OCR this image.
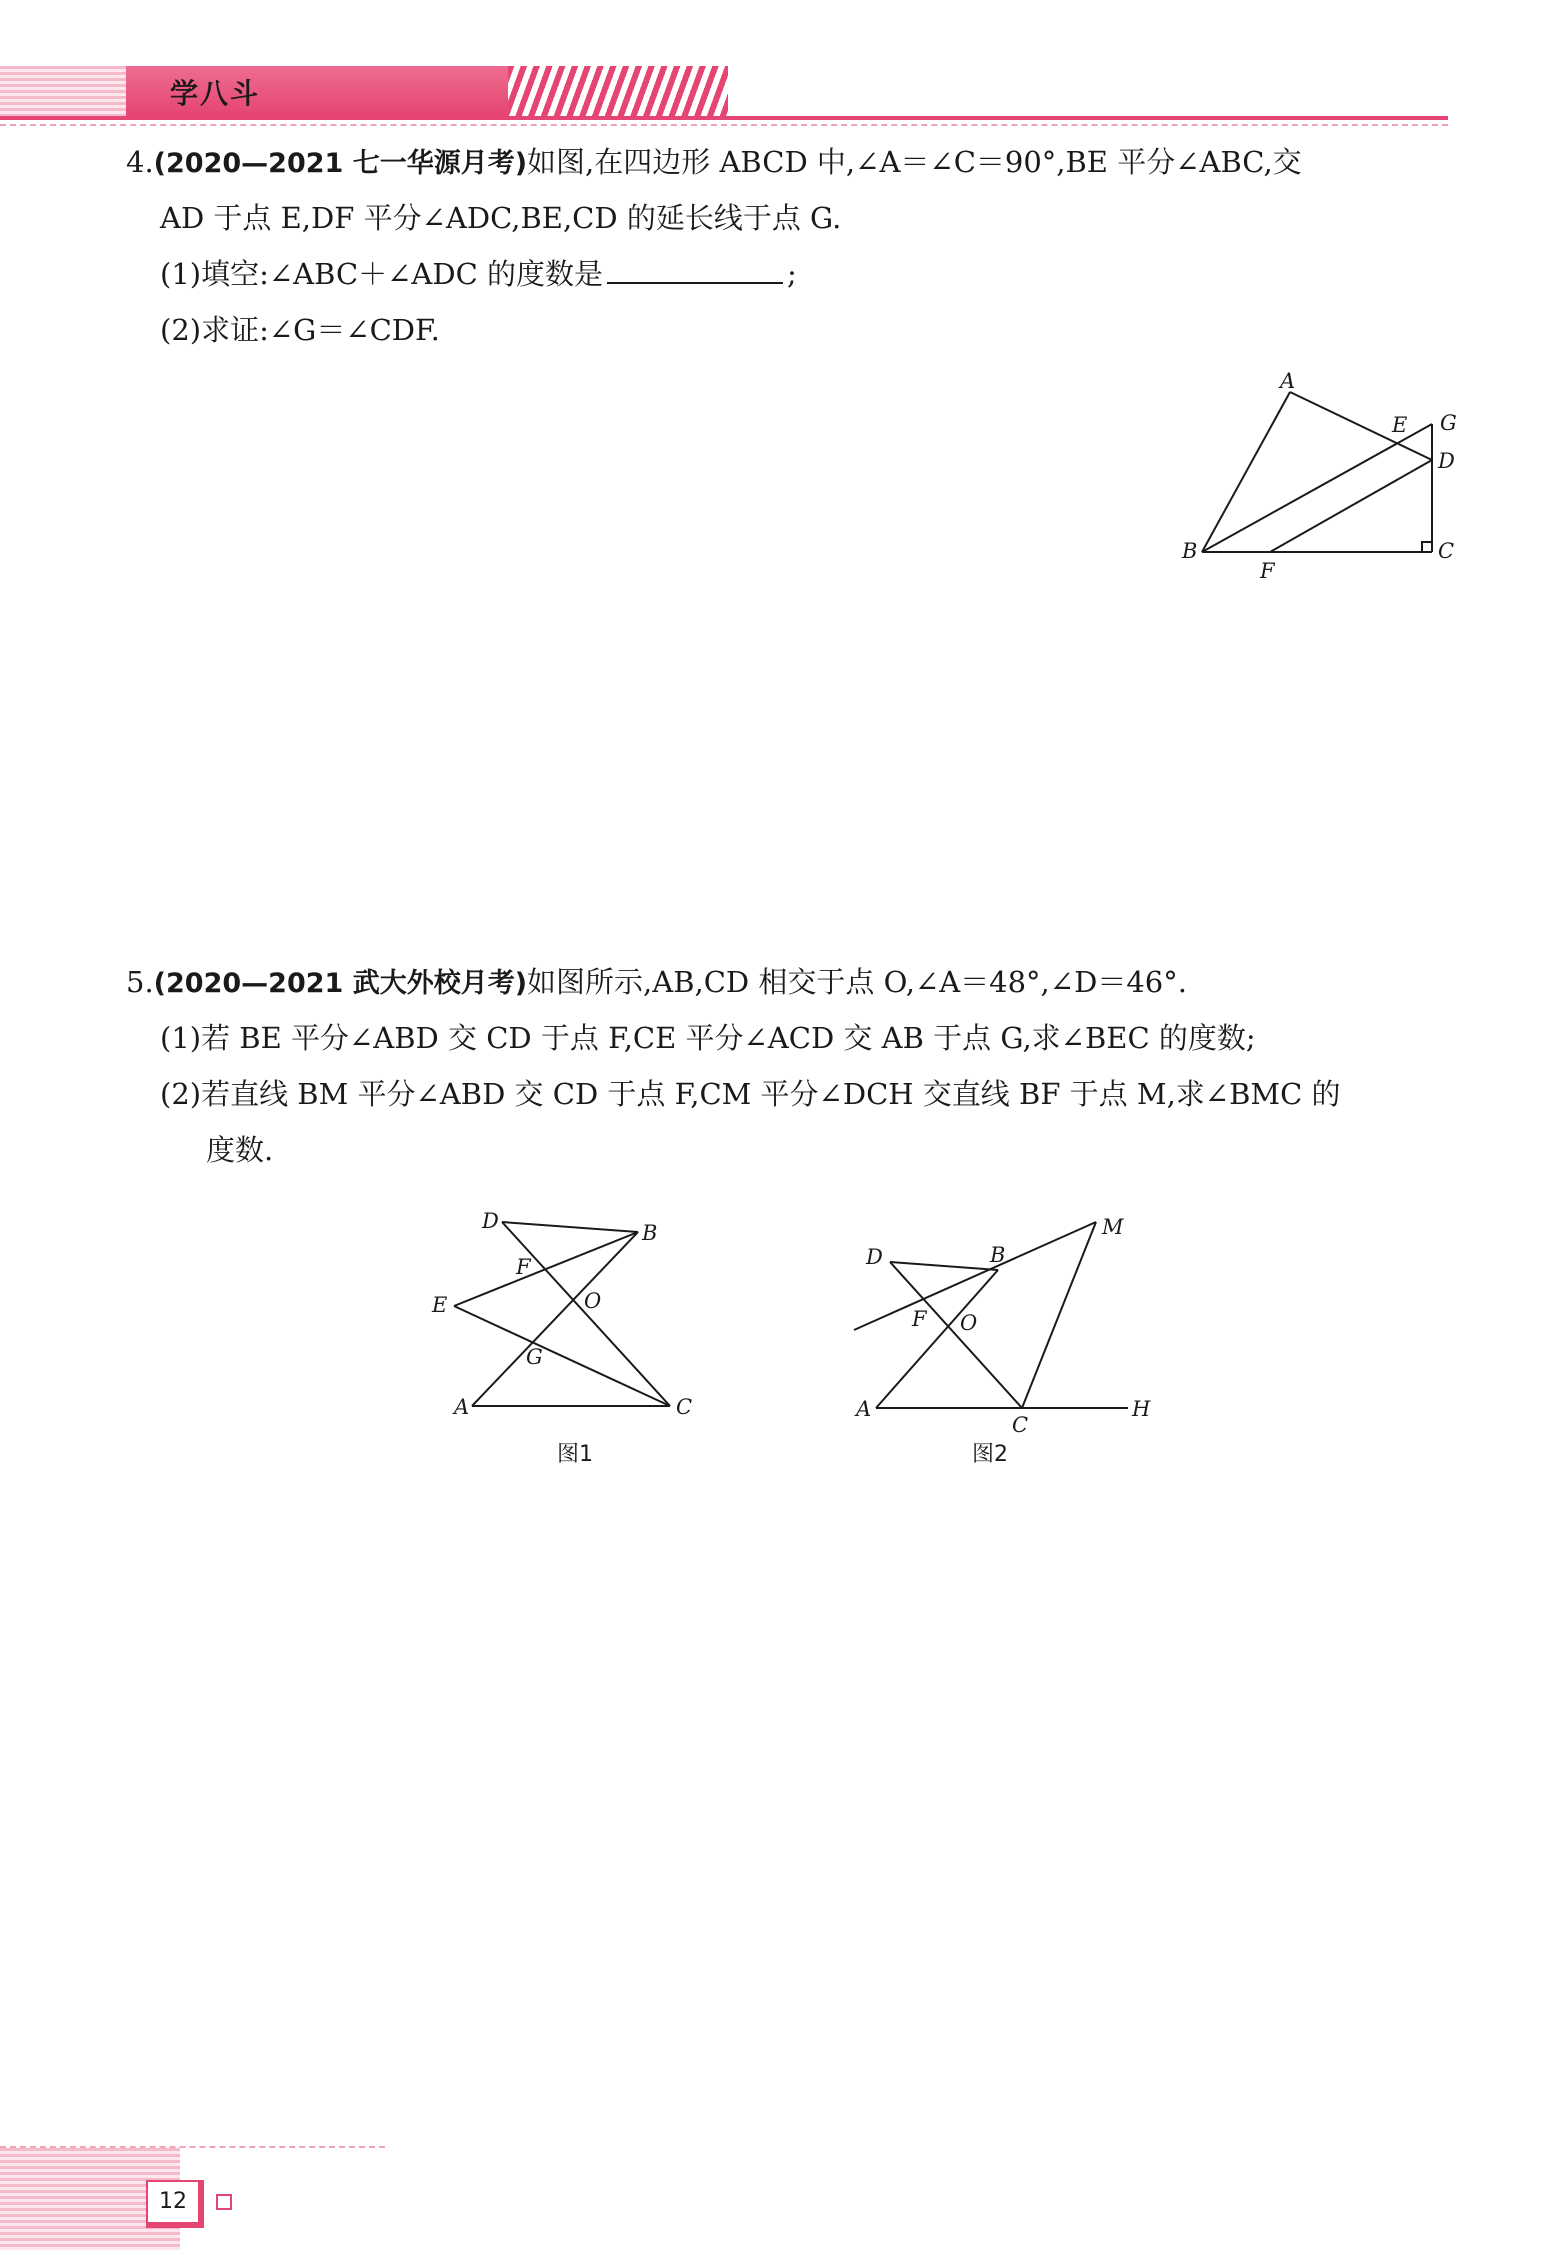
学八斗
4.(2020—2021 七一华源月考)如图,在四边形 ABCD 中,∠A＝∠C＝90°,BE 平分∠ABC,交
AD 于点 E,DF 平分∠ADC,BE,CD 的延长线于点 G.
(1)填空:∠ABC＋∠ADC 的度数是	;
(2)求证:∠G＝∠CDF.
A
E G
D
B	C
F
5.(2020—2021 武大外校月考)如图所示,AB,CD 相交于点 O,∠A＝48°,∠D＝46°.
(1)若 BE 平分∠ABD 交 CD 于点 F,CE 平分∠ACD 交 AB 于点 G,求∠BEC 的度数;
(2)若直线 BM 平分∠ABD 交 CD 于点 F,CM 平分∠DCH 交直线 BF 于点 M,求∠BMC 的
度数.
D	B
F
E	O
G
A	C
图1
M
D	B
F O
A
C
H
图2
12
